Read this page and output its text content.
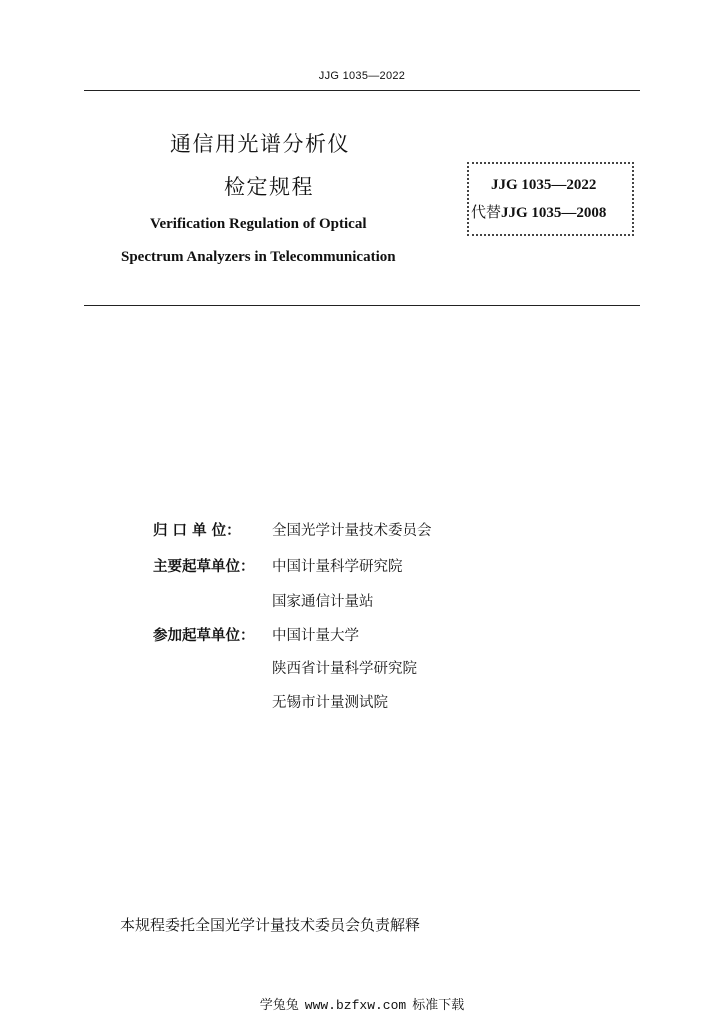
JJG 1035—2022
通信用光谱分析仪
检定规程
Verification Regulation of Optical
Spectrum Analyzers in Telecommunication
JJG 1035—2022
代替JJG 1035—2008
归 口 单 位： 全国光学计量技术委员会
主要起草单位： 中国计量科学研究院
国家通信计量站
参加起草单位： 中国计量大学
陕西省计量科学研究院
无锡市计量测试院
本规程委托全国光学计量技术委员会负责解释
学兔兔 www.bzfxw.com 标准下载
